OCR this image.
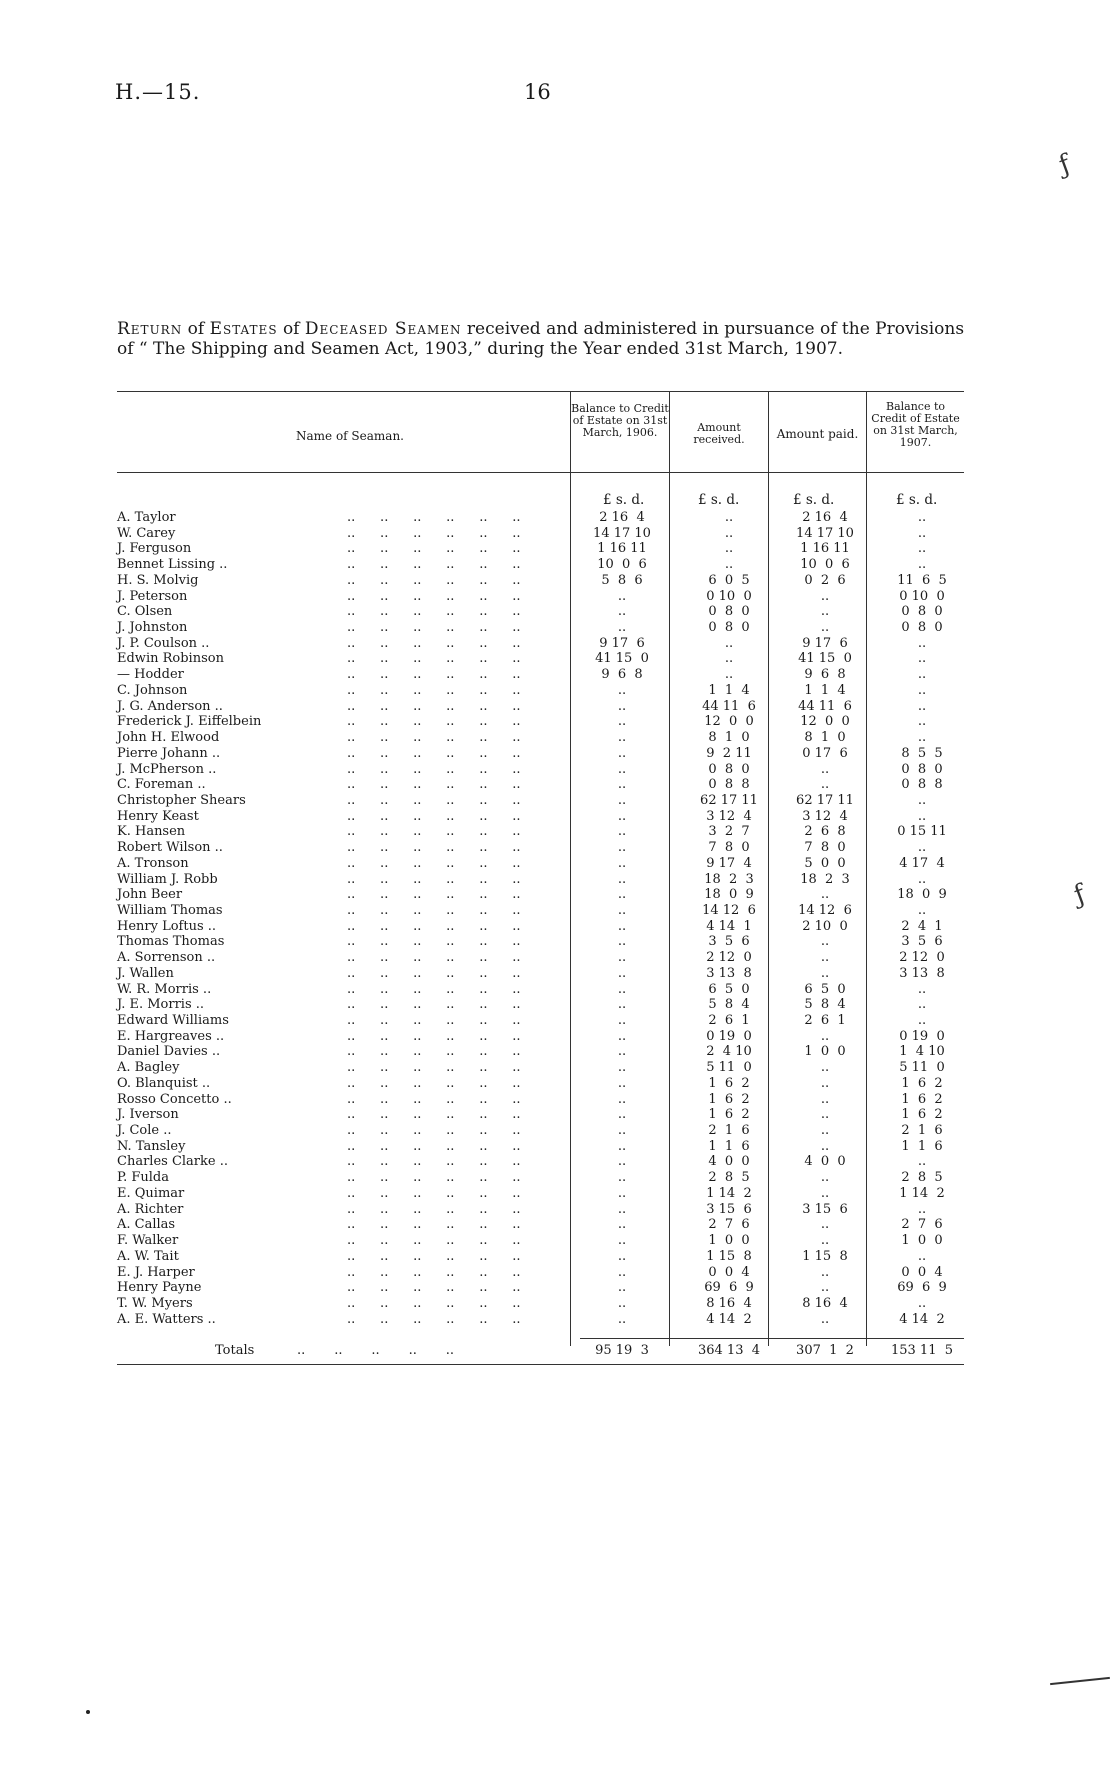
H.—15.	16
Return of Estates of Deceased Seamen received and administered in pursuance of the Provisions of “ The Shipping and Seamen Act, 1903,” during the Year ended 31st March, 1907.
Name of Seaman.
Balance to Credit of Estate on 31st March, 1906.	Amount received.	Amount paid.
Balance to Credit of Estate on 31st March, 1907.
£ s. d.	£ s. d.	£ s. d.	£ s. d.
A. Taylor	..      ..      ..      ..      ..      ..	2 16  4	..	2 16  4	..
W. Carey	..      ..      ..      ..      ..      ..	14 17 10	..	14 17 10	..
J. Ferguson	..      ..      ..      ..      ..      ..	1 16 11	..	1 16 11	..
Bennet Lissing ..	..      ..      ..      ..      ..      ..	10  0  6	..	10  0  6	..
H. S. Molvig	..      ..      ..      ..      ..      ..	5  8  6	6  0  5	0  2  6	11  6  5
J. Peterson	..      ..      ..      ..      ..      ..	..	0 10  0	..	0 10  0
C. Olsen	..      ..      ..      ..      ..      ..	..	0  8  0	..	0  8  0
J. Johnston	..      ..      ..      ..      ..      ..	..	0  8  0	..	0  8  0
J. P. Coulson ..	..      ..      ..      ..      ..      ..	9 17  6	..	9 17  6	..
Edwin Robinson	..      ..      ..      ..      ..      ..	41 15  0	..	41 15  0	..
— Hodder	..      ..      ..      ..      ..      ..	9  6  8	..	9  6  8	..
C. Johnson	..      ..      ..      ..      ..      ..	..	1  1  4	1  1  4	..
J. G. Anderson ..	..      ..      ..      ..      ..      ..	..	44 11  6	44 11  6	..
Frederick J. Eiffelbein	..      ..      ..      ..      ..      ..	..	12  0  0	12  0  0	..
John H. Elwood	..      ..      ..      ..      ..      ..	..	8  1  0	8  1  0	..
Pierre Johann ..	..      ..      ..      ..      ..      ..	..	9  2 11	0 17  6	8  5  5
J. McPherson ..	..      ..      ..      ..      ..      ..	..	0  8  0	..	0  8  0
C. Foreman ..	..      ..      ..      ..      ..      ..	..	0  8  8	..	0  8  8
Christopher Shears	..      ..      ..      ..      ..      ..	..	62 17 11	62 17 11	..
Henry Keast	..      ..      ..      ..      ..      ..	..	3 12  4	3 12  4	..
K. Hansen	..      ..      ..      ..      ..      ..	..	3  2  7	2  6  8	0 15 11
Robert Wilson ..	..      ..      ..      ..      ..      ..	..	7  8  0	7  8  0	..
A. Tronson	..      ..      ..      ..      ..      ..	..	9 17  4	5  0  0	4 17  4
William J. Robb	..      ..      ..      ..      ..      ..	..	18  2  3	18  2  3	..
John Beer	..      ..      ..      ..      ..      ..	..	18  0  9	..	18  0  9
William Thomas	..      ..      ..      ..      ..      ..	..	14 12  6	14 12  6	..
Henry Loftus ..	..      ..      ..      ..      ..      ..	..	4 14  1	2 10  0	2  4  1
Thomas Thomas	..      ..      ..      ..      ..      ..	..	3  5  6	..	3  5  6
A. Sorrenson ..	..      ..      ..      ..      ..      ..	..	2 12  0	..	2 12  0
J. Wallen	..      ..      ..      ..      ..      ..	..	3 13  8	..	3 13  8
W. R. Morris ..	..      ..      ..      ..      ..      ..	..	6  5  0	6  5  0	..
J. E. Morris ..	..      ..      ..      ..      ..      ..	..	5  8  4	5  8  4	..
Edward Williams	..      ..      ..      ..      ..      ..	..	2  6  1	2  6  1	..
E. Hargreaves ..	..      ..      ..      ..      ..      ..	..	0 19  0	..	0 19  0
Daniel Davies ..	..      ..      ..      ..      ..      ..	..	2  4 10	1  0  0	1  4 10
A. Bagley	..      ..      ..      ..      ..      ..	..	5 11  0	..	5 11  0
O. Blanquist ..	..      ..      ..      ..      ..      ..	..	1  6  2	..	1  6  2
Rosso Concetto ..	..      ..      ..      ..      ..      ..	..	1  6  2	..	1  6  2
J. Iverson	..      ..      ..      ..      ..      ..	..	1  6  2	..	1  6  2
J. Cole ..	..      ..      ..      ..      ..      ..	..	2  1  6	..	2  1  6
N. Tansley	..      ..      ..      ..      ..      ..	..	1  1  6	..	1  1  6
Charles Clarke ..	..      ..      ..      ..      ..      ..	..	4  0  0	4  0  0	..
P. Fulda	..      ..      ..      ..      ..      ..	..	2  8  5	..	2  8  5
E. Quimar	..      ..      ..      ..      ..      ..	..	1 14  2	..	1 14  2
A. Richter	..      ..      ..      ..      ..      ..	..	3 15  6	3 15  6	..
A. Callas	..      ..      ..      ..      ..      ..	..	2  7  6	..	2  7  6
F. Walker	..      ..      ..      ..      ..      ..	..	1  0  0	..	1  0  0
A. W. Tait	..      ..      ..      ..      ..      ..	..	1 15  8	1 15  8	..
E. J. Harper	..      ..      ..      ..      ..      ..	..	0  0  4	..	0  0  4
Henry Payne	..      ..      ..      ..      ..      ..	..	69  6  9	..	69  6  9
T. W. Myers	..      ..      ..      ..      ..      ..	..	8 16  4	8 16  4	..
A. E. Watters ..	..      ..      ..      ..      ..      ..	..	4 14  2	..	4 14  2
Totals	..       ..       ..       ..       ..	95 19  3	364 13  4	307  1  2	153 11  5
ƒ
ƒ
